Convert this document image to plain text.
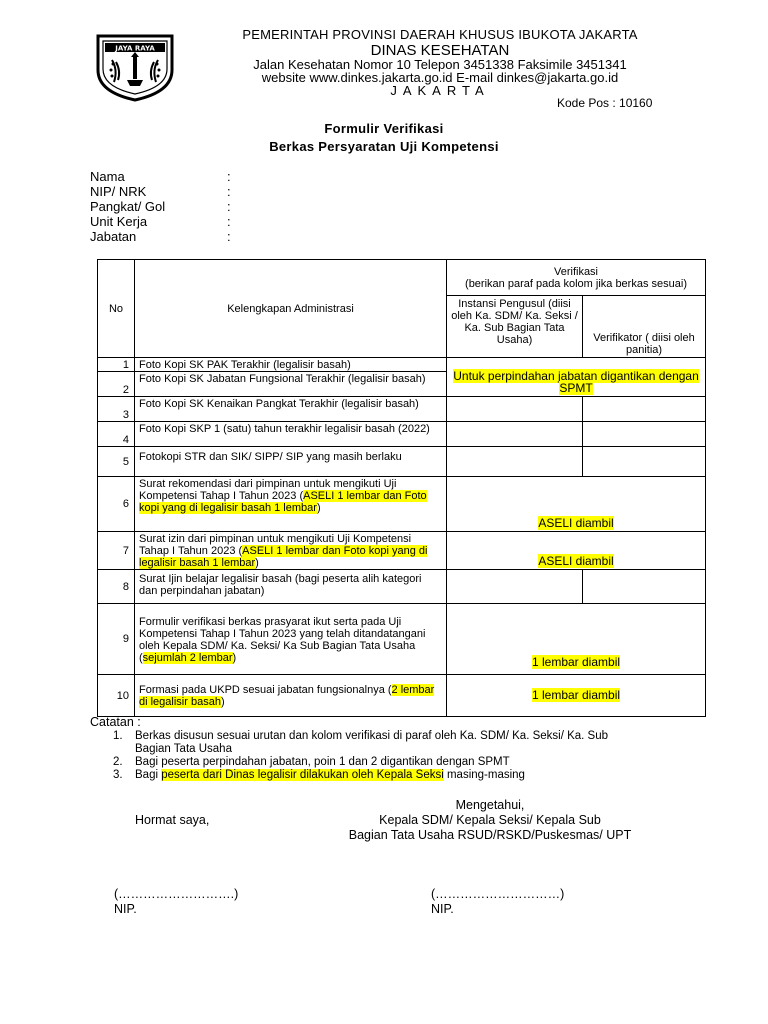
JAYA RAYA
PEMERINTAH PROVINSI DAERAH KHUSUS IBUKOTA JAKARTA
DINAS KESEHATAN
Jalan Kesehatan Nomor 10 Telepon 3451338 Faksimile 3451341
website www.dinkes.jakarta.go.id E-mail dinkes@jakarta.go.id
JAKARTA
Kode Pos : 10160
Formulir Verifikasi
Berkas Persyaratan Uji Kompetensi
Nama	:
NIP/ NRK	:
Pangkat/ Gol	:
Unit Kerja	:
Jabatan	:
No	Kelengkapan Administrasi	Verifikasi
(berikan paraf pada kolom jika berkas sesuai)	

		Instansi Pengusul (diisi oleh Ka. SDM/ Ka. Seksi / Ka. Sub Bagian Tata Usaha)	Verifikator ( diisi oleh panitia)
1	Foto Kopi SK PAK Terakhir (legalisir basah)	Untuk perpindahan jabatan digantikan dengan SPMT	
2	Foto Kopi SK Jabatan Fungsional Terakhir (legalisir basah)		
3	Foto Kopi SK Kenaikan Pangkat Terakhir (legalisir basah)		
4	Foto Kopi SKP 1 (satu) tahun terakhir legalisir basah (2022)		
5	Fotokopi STR dan SIK/ SIPP/ SIP yang masih berlaku		
6	Surat rekomendasi dari pimpinan untuk mengikuti Uji Kompetensi Tahap I Tahun 2023 (ASELI 1 lembar dan Foto kopi yang di legalisir basah 1 lembar)	ASELI diambil	
7	Surat izin dari pimpinan untuk mengikuti Uji Kompetensi Tahap I Tahun 2023 (ASELI 1 lembar dan Foto kopi yang di legalisir basah 1 lembar)	ASELI diambil	
8	Surat Ijin belajar legalisir basah (bagi peserta alih kategori dan perpindahan jabatan)		
9	Formulir verifikasi berkas prasyarat ikut serta pada Uji Kompetensi Tahap I Tahun 2023 yang telah ditandatangani oleh Kepala SDM/ Ka. Seksi/ Ka Sub Bagian Tata Usaha (sejumlah 2 lembar)	1 lembar diambil	
10	Formasi pada UKPD sesuai jabatan fungsionalnya (2 lembar di legalisir basah)	1 lembar diambil	
Catatan :
1. Berkas disusun sesuai urutan dan kolom verifikasi di paraf oleh Ka. SDM/ Ka. Seksi/ Ka. Sub
Bagian Tata Usaha
2. Bagi peserta perpindahan jabatan, poin 1 dan 2 digantikan dengan SPMT
3. Bagi peserta dari Dinas legalisir dilakukan oleh Kepala Seksi masing-masing
Hormat saya,
Mengetahui,
Kepala SDM/ Kepala Seksi/ Kepala Sub
Bagian Tata Usaha RSUD/RSKD/Puskesmas/ UPT
(……………………….)	(…………………………)
NIP.	NIP.
